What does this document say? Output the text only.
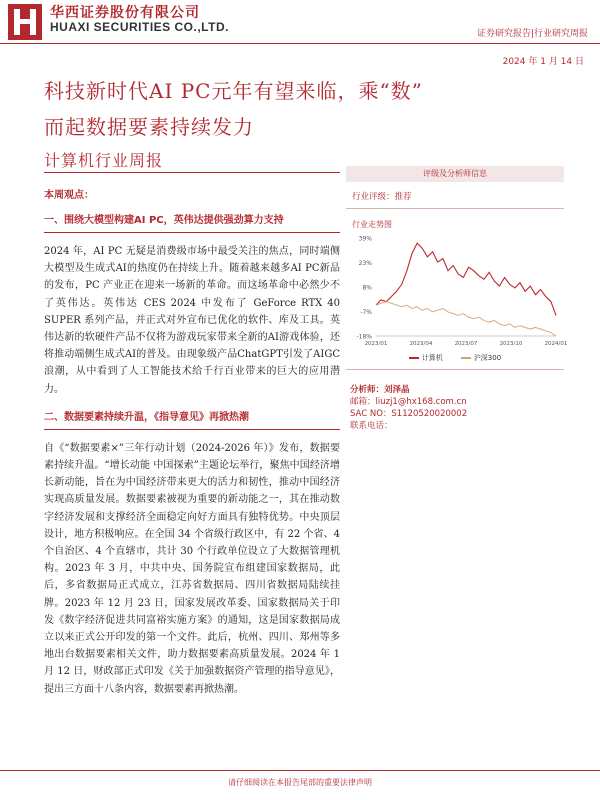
华西证券股份有限公司
HUAXI SECURITIES CO.,LTD.	证券研究报告|行业研究周报
2024 年 1 月 14 日
科技新时代AI PC元年有望来临，乘“数”
而起数据要素持续发力
计算机行业周报
本周观点：
一、围绕大模型构建AI PC，英伟达提供强劲算力支持

2024 年，AI PC 无疑是消费级市场中最受关注的焦点，同时端侧大模型及生成式AI的热度仍在持续上升。随着越来越多AI PC新品的发布，PC 产业正在迎来一场新的革命。而这场革命中必然少不了英伟达。英伟达 CES 2024 中发布了 GeForce RTX 40 SUPER 系列产品，并正式对外宣布已优化的软件、库及工具。英伟达新的软硬件产品不仅将为游戏玩家带来全新的AI游戏体验，还将推动端侧生成式AI的普及。由现象级产品ChatGPT引发了AIGC浪潮，从中看到了人工智能技术给千行百业带来的巨大的应用潜力。

二、数据要素持续升温，《指导意见》再掀热潮

自《“数据要素×”三年行动计划（2024-2026 年）》发布，数据要素持续升温。“增长动能 中国探索”主题论坛举行，聚焦中国经济增长新动能，旨在为中国经济带来更大的活力和韧性，推动中国经济实现高质量发展。数据要素被视为重要的新动能之一，其在推动数字经济发展和支撑经济全面稳定向好方面具有独特优势。中央顶层设计，地方积极响应。在全国 34 个省级行政区中，有 22 个省、4 个自治区、4 个直辖市，共计 30 个行政单位设立了大数据管理机构。2023 年 3 月，中共中央、国务院宣布组建国家数据局，此后，多省数据局正式成立，江苏省数据局、四川省数据局陆续挂牌。2023 年 12 月 23 日，国家发展改革委、国家数据局关于印发《数字经济促进共同富裕实施方案》的通知，这是国家数据局成立以来正式公开印发的第一个文件。此后，杭州、四川、郑州等多地出台数据要素相关文件，助力数据要素高质量发展。2024 年 1 月 12 日，财政部正式印发《关于加强数据资产管理的指导意见》，提出三方面十八条内容，数据要素再掀热潮。

评级及分析师信息
行业评级：推荐
行业走势图
39%
23%
8%
-7%
-18%
2023/01	2023/04	2023/07	2023/10	2024/01
计算机	沪深300
分析师：刘泽晶
邮箱：liuzj1@hx168.com.cn
SAC NO：S1120520020002
联系电话：
请仔细阅读在本报告尾部的重要法律声明
